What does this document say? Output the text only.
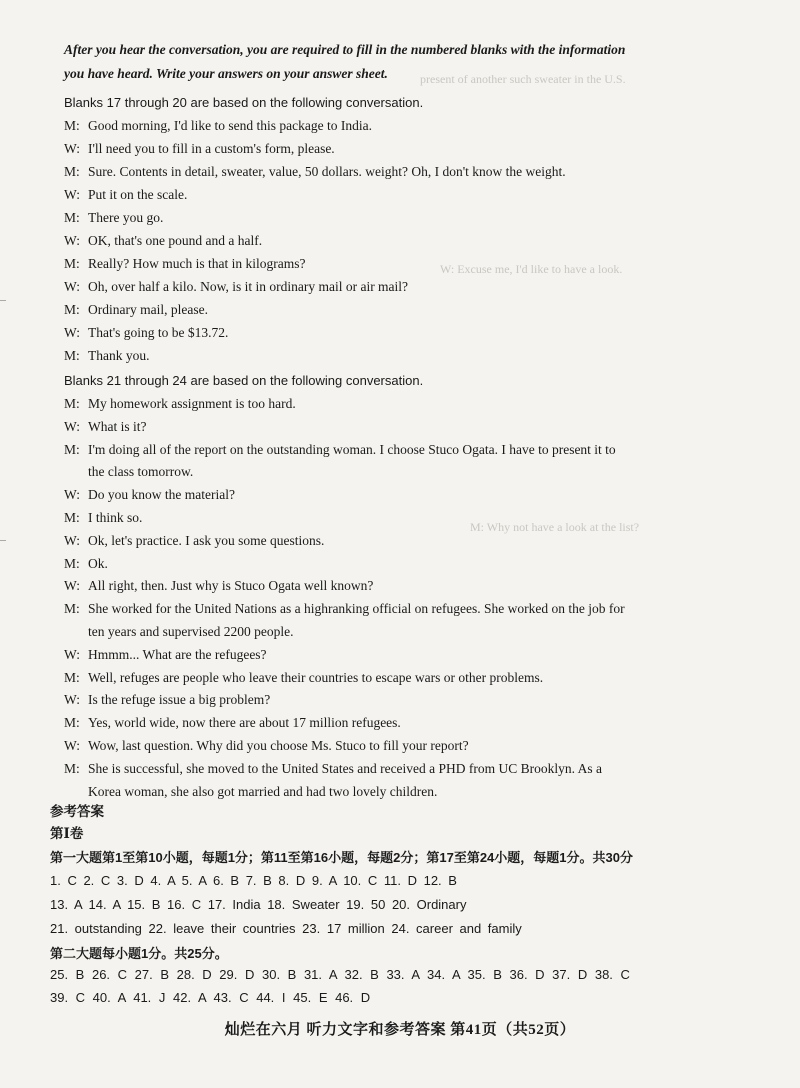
present of another such sweater in the U.S.
W: Excuse me, I'd like to have a look.
M: Why not have a look at the list?
After you hear the conversation, you are required to fill in the numbered blanks with the information
you have heard. Write your answers on your answer sheet.
Blanks 17 through 20 are based on the following conversation.
M: Good morning, I'd like to send this package to India.
W: I'll need you to fill in a custom's form, please.
M: Sure. Contents in detail, sweater, value, 50 dollars. weight? Oh, I don't know the weight.
W: Put it on the scale.
M: There you go.
W: OK, that's one pound and a half.
M: Really? How much is that in kilograms?
W: Oh, over half a kilo. Now, is it in ordinary mail or air mail?
M: Ordinary mail, please.
W: That's going to be $13.72.
M: Thank you.
Blanks 21 through 24 are based on the following conversation.
M: My homework assignment is too hard.
W: What is it?
M: I'm doing all of the report on the outstanding woman. I choose Stuco Ogata. I have to present it to
the class tomorrow.
W: Do you know the material?
M: I think so.
W: Ok, let's practice. I ask you some questions.
M: Ok.
W: All right, then. Just why is Stuco Ogata well known?
M: She worked for the United Nations as a highranking official on refugees. She worked on the job for
ten years and supervised 2200 people.
W: Hmmm... What are the refugees?
M: Well, refuges are people who leave their countries to escape wars or other problems.
W: Is the refuge issue a big problem?
M: Yes, world wide, now there are about 17 million refugees.
W: Wow, last question. Why did you choose Ms. Stuco to fill your report?
M: She is successful, she moved to the United States and received a PHD from UC Brooklyn. As a
Korea woman, she also got married and had two lovely children.
参考答案
第Ⅰ卷
第一大题第1至第10小题，每题1分；第11至第16小题，每题2分；第17至第24小题，每题1分。共30分
1. C 2. C 3. D 4. A 5. A 6. B 7. B 8. D 9. A 10. C 11. D 12. B
13. A 14. A 15. B 16. C 17. India 18. Sweater 19. 50 20. Ordinary
21. outstanding 22. leave their countries 23. 17 million 24. career and family
第二大题每小题1分。共25分。
25. B 26. C 27. B 28. D 29. D 30. B 31. A 32. B 33. A 34. A 35. B 36. D 37. D 38. C
39. C 40. A 41. J 42. A 43. C 44. I 45. E 46. D
灿烂在六月 听力文字和参考答案 第41页（共52页）
